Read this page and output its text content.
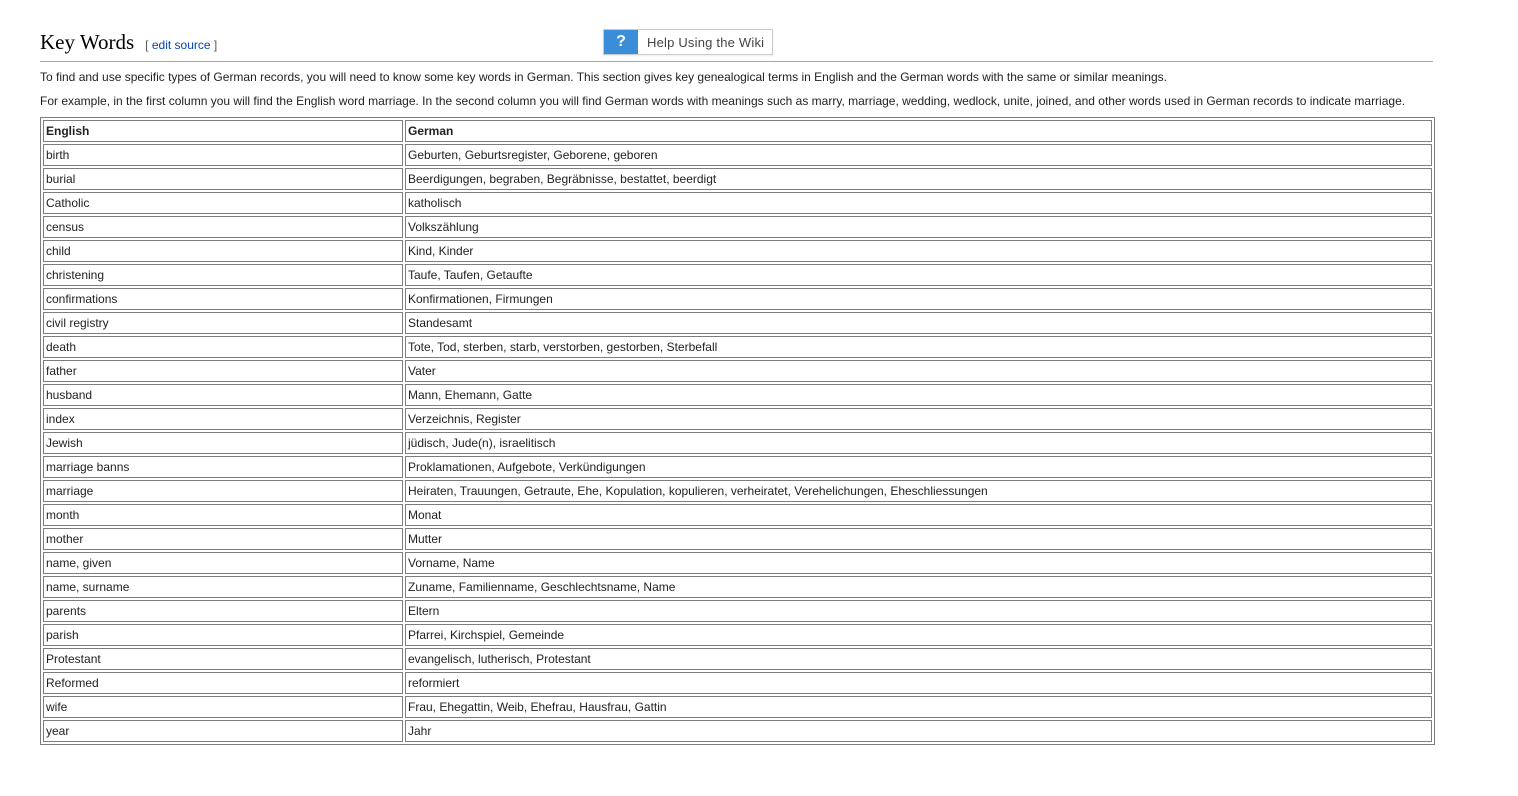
?	Help Using the Wiki
Key Words [ edit source ]

To find and use specific types of German records, you will need to know some key words in German. This section gives key genealogical terms in English and the German words with the same or similar meanings.

For example, in the first column you will find the English word marriage. In the second column you will find German words with meanings such as marry, marriage, wedding, wedlock, unite, joined, and other words used in German records to indicate marriage.

English	German
birth	Geburten, Geburtsregister, Geborene, geboren
burial	Beerdigungen, begraben, Begräbnisse, bestattet, beerdigt
Catholic	katholisch
census	Volkszählung
child	Kind, Kinder
christening	Taufe, Taufen, Getaufte
confirmations	Konfirmationen, Firmungen
civil registry	Standesamt
death	Tote, Tod, sterben, starb, verstorben, gestorben, Sterbefall
father	Vater
husband	Mann, Ehemann, Gatte
index	Verzeichnis, Register
Jewish	jüdisch, Jude(n), israelitisch
marriage banns	Proklamationen, Aufgebote, Verkündigungen
marriage	Heiraten, Trauungen, Getraute, Ehe, Kopulation, kopulieren, verheiratet, Verehelichungen, Eheschliessungen
month	Monat
mother	Mutter
name, given	Vorname, Name
name, surname	Zuname, Familienname, Geschlechtsname, Name
parents	Eltern
parish	Pfarrei, Kirchspiel, Gemeinde
Protestant	evangelisch, lutherisch, Protestant
Reformed	reformiert
wife	Frau, Ehegattin, Weib, Ehefrau, Hausfrau, Gattin
year	Jahr
